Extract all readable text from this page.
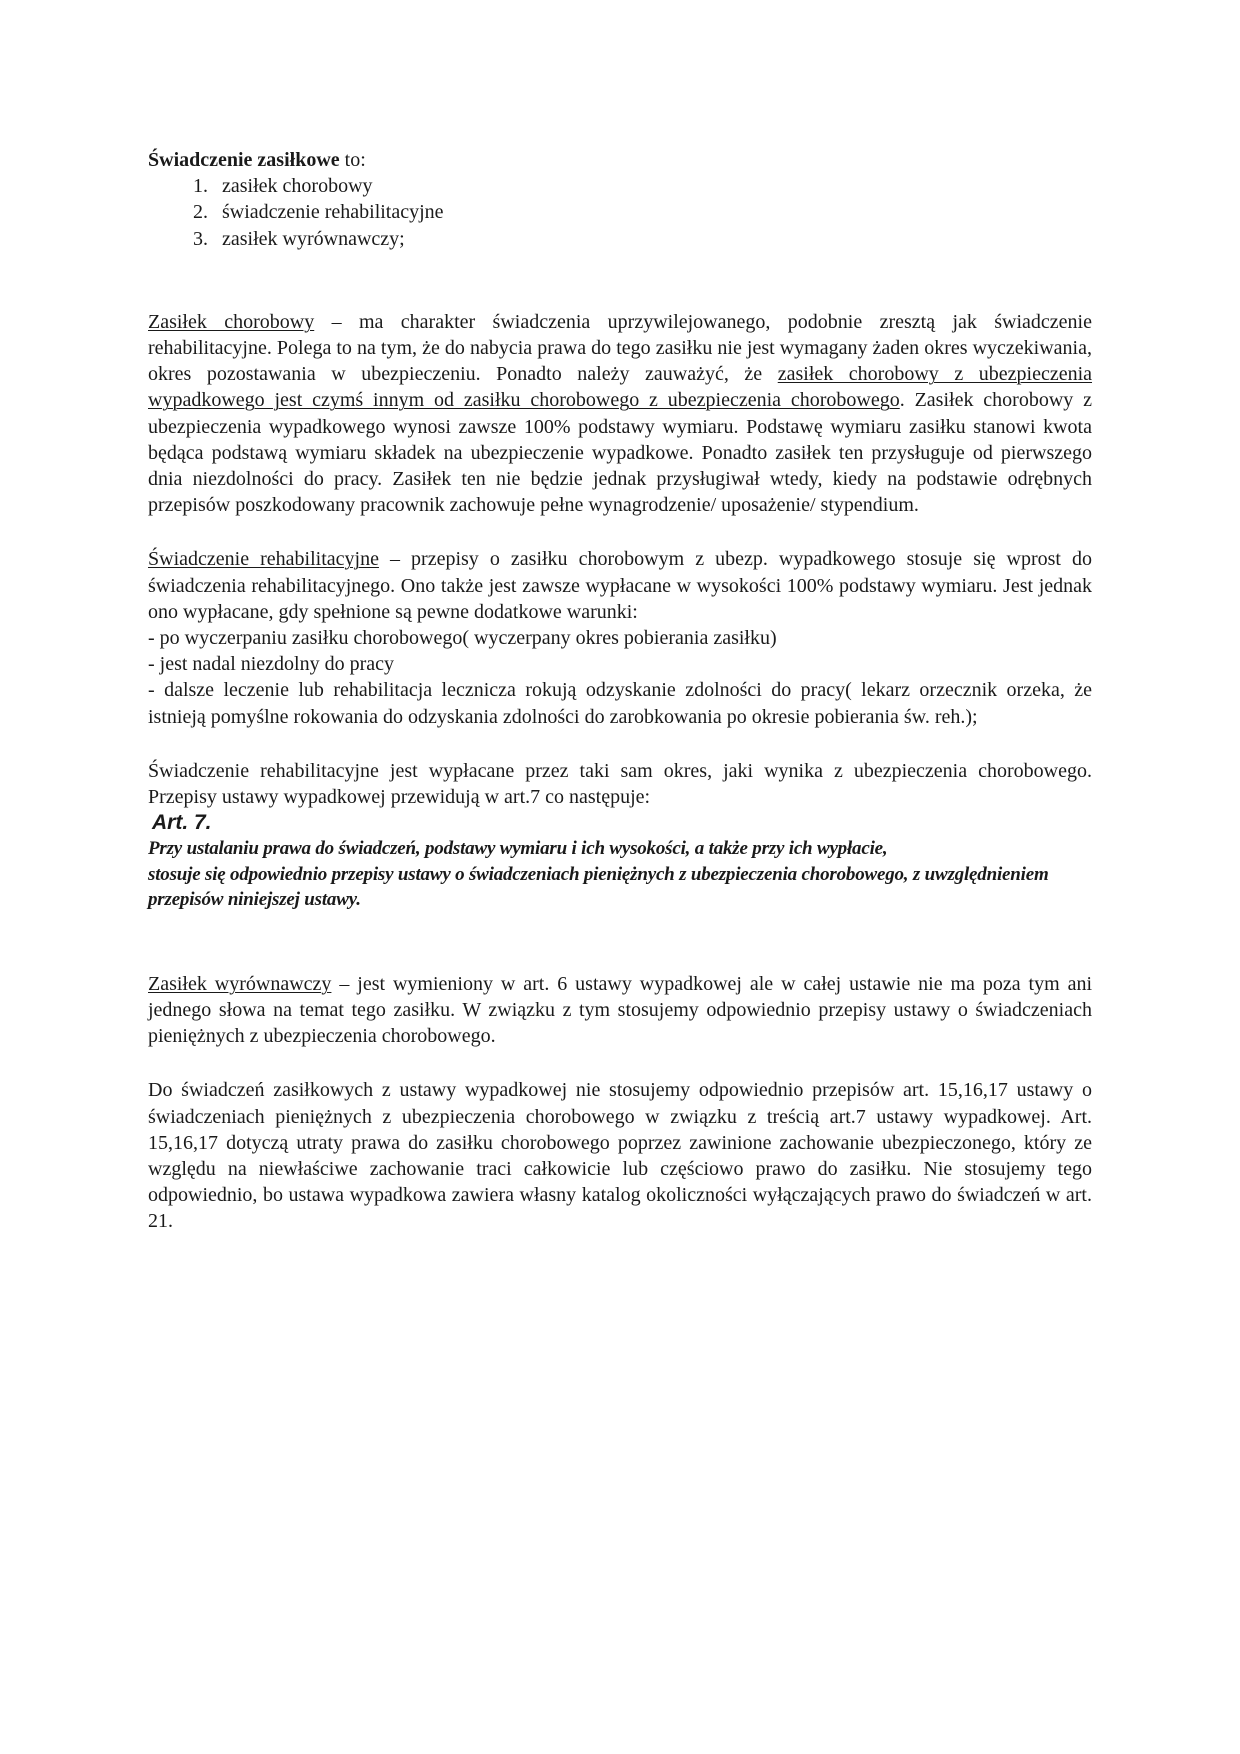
Świadczenie zasiłkowe to:

1. zasiłek chorobowy
2. świadczenie rehabilitacyjne
3. zasiłek wyrównawczy;

Zasiłek chorobowy – ma charakter świadczenia uprzywilejowanego, podobnie zresztą jak świadczenie rehabilitacyjne. Polega to na tym, że do nabycia prawa do tego zasiłku nie jest wymagany żaden okres wyczekiwania, okres pozostawania w ubezpieczeniu. Ponadto należy zauważyć, że zasiłek chorobowy z ubezpieczenia wypadkowego jest czymś innym od zasiłku chorobowego z ubezpieczenia chorobowego. Zasiłek chorobowy z ubezpieczenia wypadkowego wynosi zawsze 100% podstawy wymiaru. Podstawę wymiaru zasiłku stanowi kwota będąca podstawą wymiaru składek na ubezpieczenie wypadkowe. Ponadto zasiłek ten przysługuje od pierwszego dnia niezdolności do pracy. Zasiłek ten nie będzie jednak przysługiwał wtedy, kiedy na podstawie odrębnych przepisów poszkodowany pracownik zachowuje pełne wynagrodzenie/ uposażenie/ stypendium.

Świadczenie rehabilitacyjne – przepisy o zasiłku chorobowym z ubezp. wypadkowego stosuje się wprost do świadczenia rehabilitacyjnego. Ono także jest zawsze wypłacane w wysokości 100% podstawy wymiaru. Jest jednak ono wypłacane, gdy spełnione są pewne dodatkowe warunki:
- po wyczerpaniu zasiłku chorobowego( wyczerpany okres pobierania zasiłku)
- jest nadal niezdolny do pracy
- dalsze leczenie lub rehabilitacja lecznicza rokują odzyskanie zdolności do pracy( lekarz orzecznik orzeka, że istnieją pomyślne rokowania do odzyskania zdolności do zarobkowania po okresie pobierania św. reh.);

Świadczenie rehabilitacyjne jest wypłacane przez taki sam okres, jaki wynika z ubezpieczenia chorobowego. Przepisy ustawy wypadkowej przewidują w art.7 co następuje:

Art. 7.

Przy ustalaniu prawa do świadczeń, podstawy wymiaru i ich wysokości, a także przy ich wypłacie,
stosuje się odpowiednio przepisy ustawy o świadczeniach pieniężnych z ubezpieczenia chorobowego, z uwzględnieniem
przepisów niniejszej ustawy.

Zasiłek wyrównawczy – jest wymieniony w art. 6 ustawy wypadkowej ale w całej ustawie nie ma poza tym ani jednego słowa na temat tego zasiłku. W związku z tym stosujemy odpowiednio przepisy ustawy o świadczeniach pieniężnych z ubezpieczenia chorobowego.

Do świadczeń zasiłkowych z ustawy wypadkowej nie stosujemy odpowiednio przepisów art. 15,16,17 ustawy o świadczeniach pieniężnych z ubezpieczenia chorobowego w związku z treścią art.7 ustawy wypadkowej. Art. 15,16,17 dotyczą utraty prawa do zasiłku chorobowego poprzez zawinione zachowanie ubezpieczonego, który ze względu na niewłaściwe zachowanie traci całkowicie lub częściowo prawo do zasiłku. Nie stosujemy tego odpowiednio, bo ustawa wypadkowa zawiera własny katalog okoliczności wyłączających prawo do świadczeń w art. 21.
